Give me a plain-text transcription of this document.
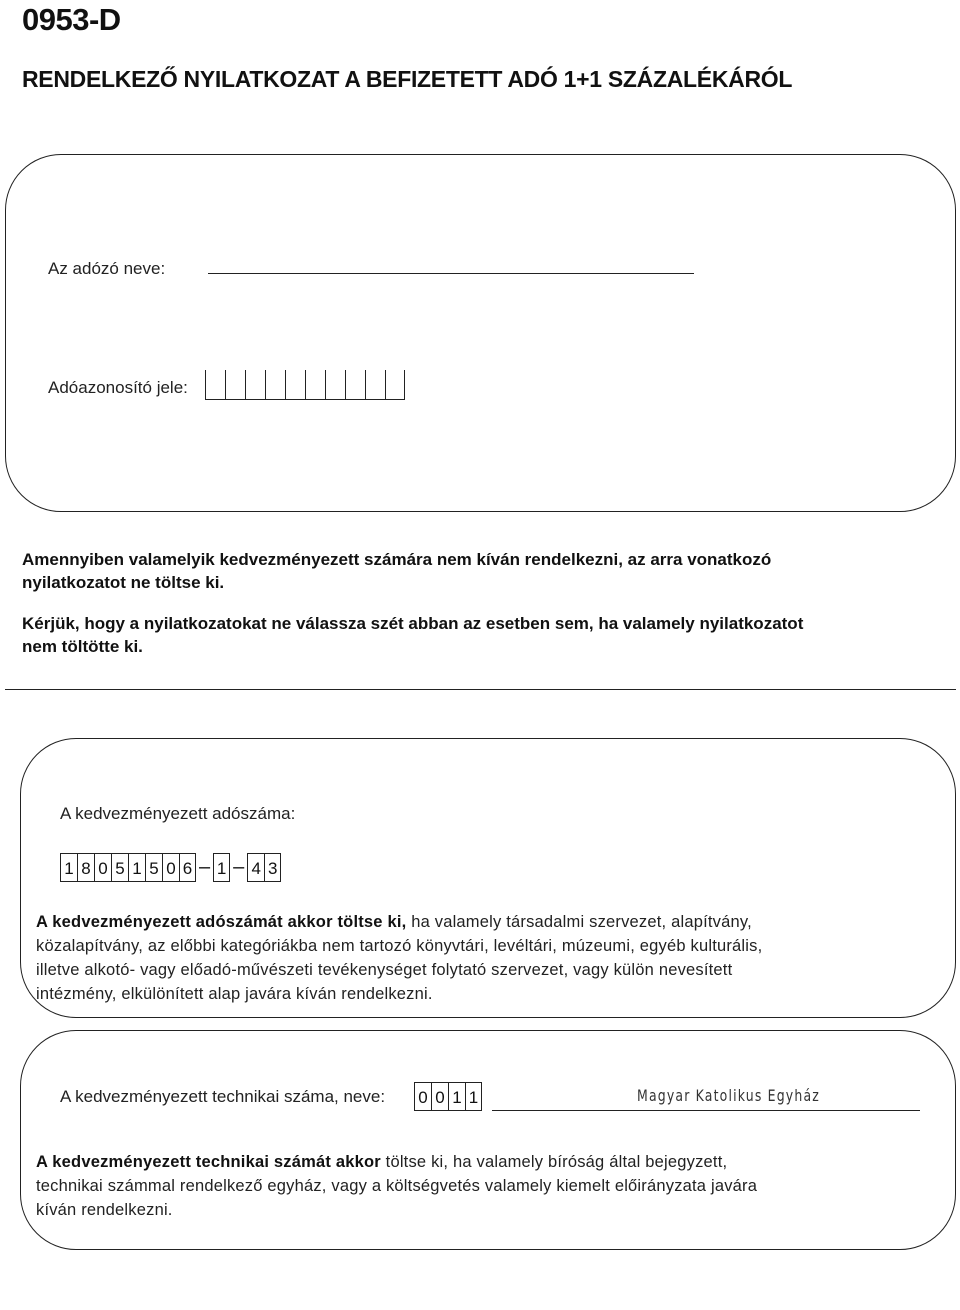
0953-D
RENDELKEZŐ NYILATKOZAT A BEFIZETETT ADÓ 1+1 SZÁZALÉKÁRÓL
Az adózó neve:
Adóazonosító jele:
Amennyiben valamelyik kedvezményezett számára nem kíván rendelkezni, az arra vonatkozó
nyilatkozatot ne töltse ki.
Kérjük, hogy a nyilatkozatokat ne válassza szét abban az esetben sem, ha valamely nyilatkozatot
nem töltötte ki.
A kedvezményezett adószáma:
1 8 0 5 1 5 0 6 – 1 – 4 3
A kedvezményezett adószámát akkor töltse ki, ha valamely társadalmi szervezet, alapítvány,
közalapítvány, az előbbi kategóriákba nem tartozó könyvtári, levéltári, múzeumi, egyéb kulturális,
illetve alkotó- vagy előadó-művészeti tevékenységet folytató szervezet, vagy külön nevesített
intézmény, elkülönített alap javára kíván rendelkezni.
A kedvezményezett technikai száma, neve: 0 0 1 1	Magyar Katolikus Egyház
A kedvezményezett technikai számát akkor töltse ki, ha valamely bíróság által bejegyzett,
technikai számmal rendelkező egyház, vagy a költségvetés valamely kiemelt előirányzata javára
kíván rendelkezni.
